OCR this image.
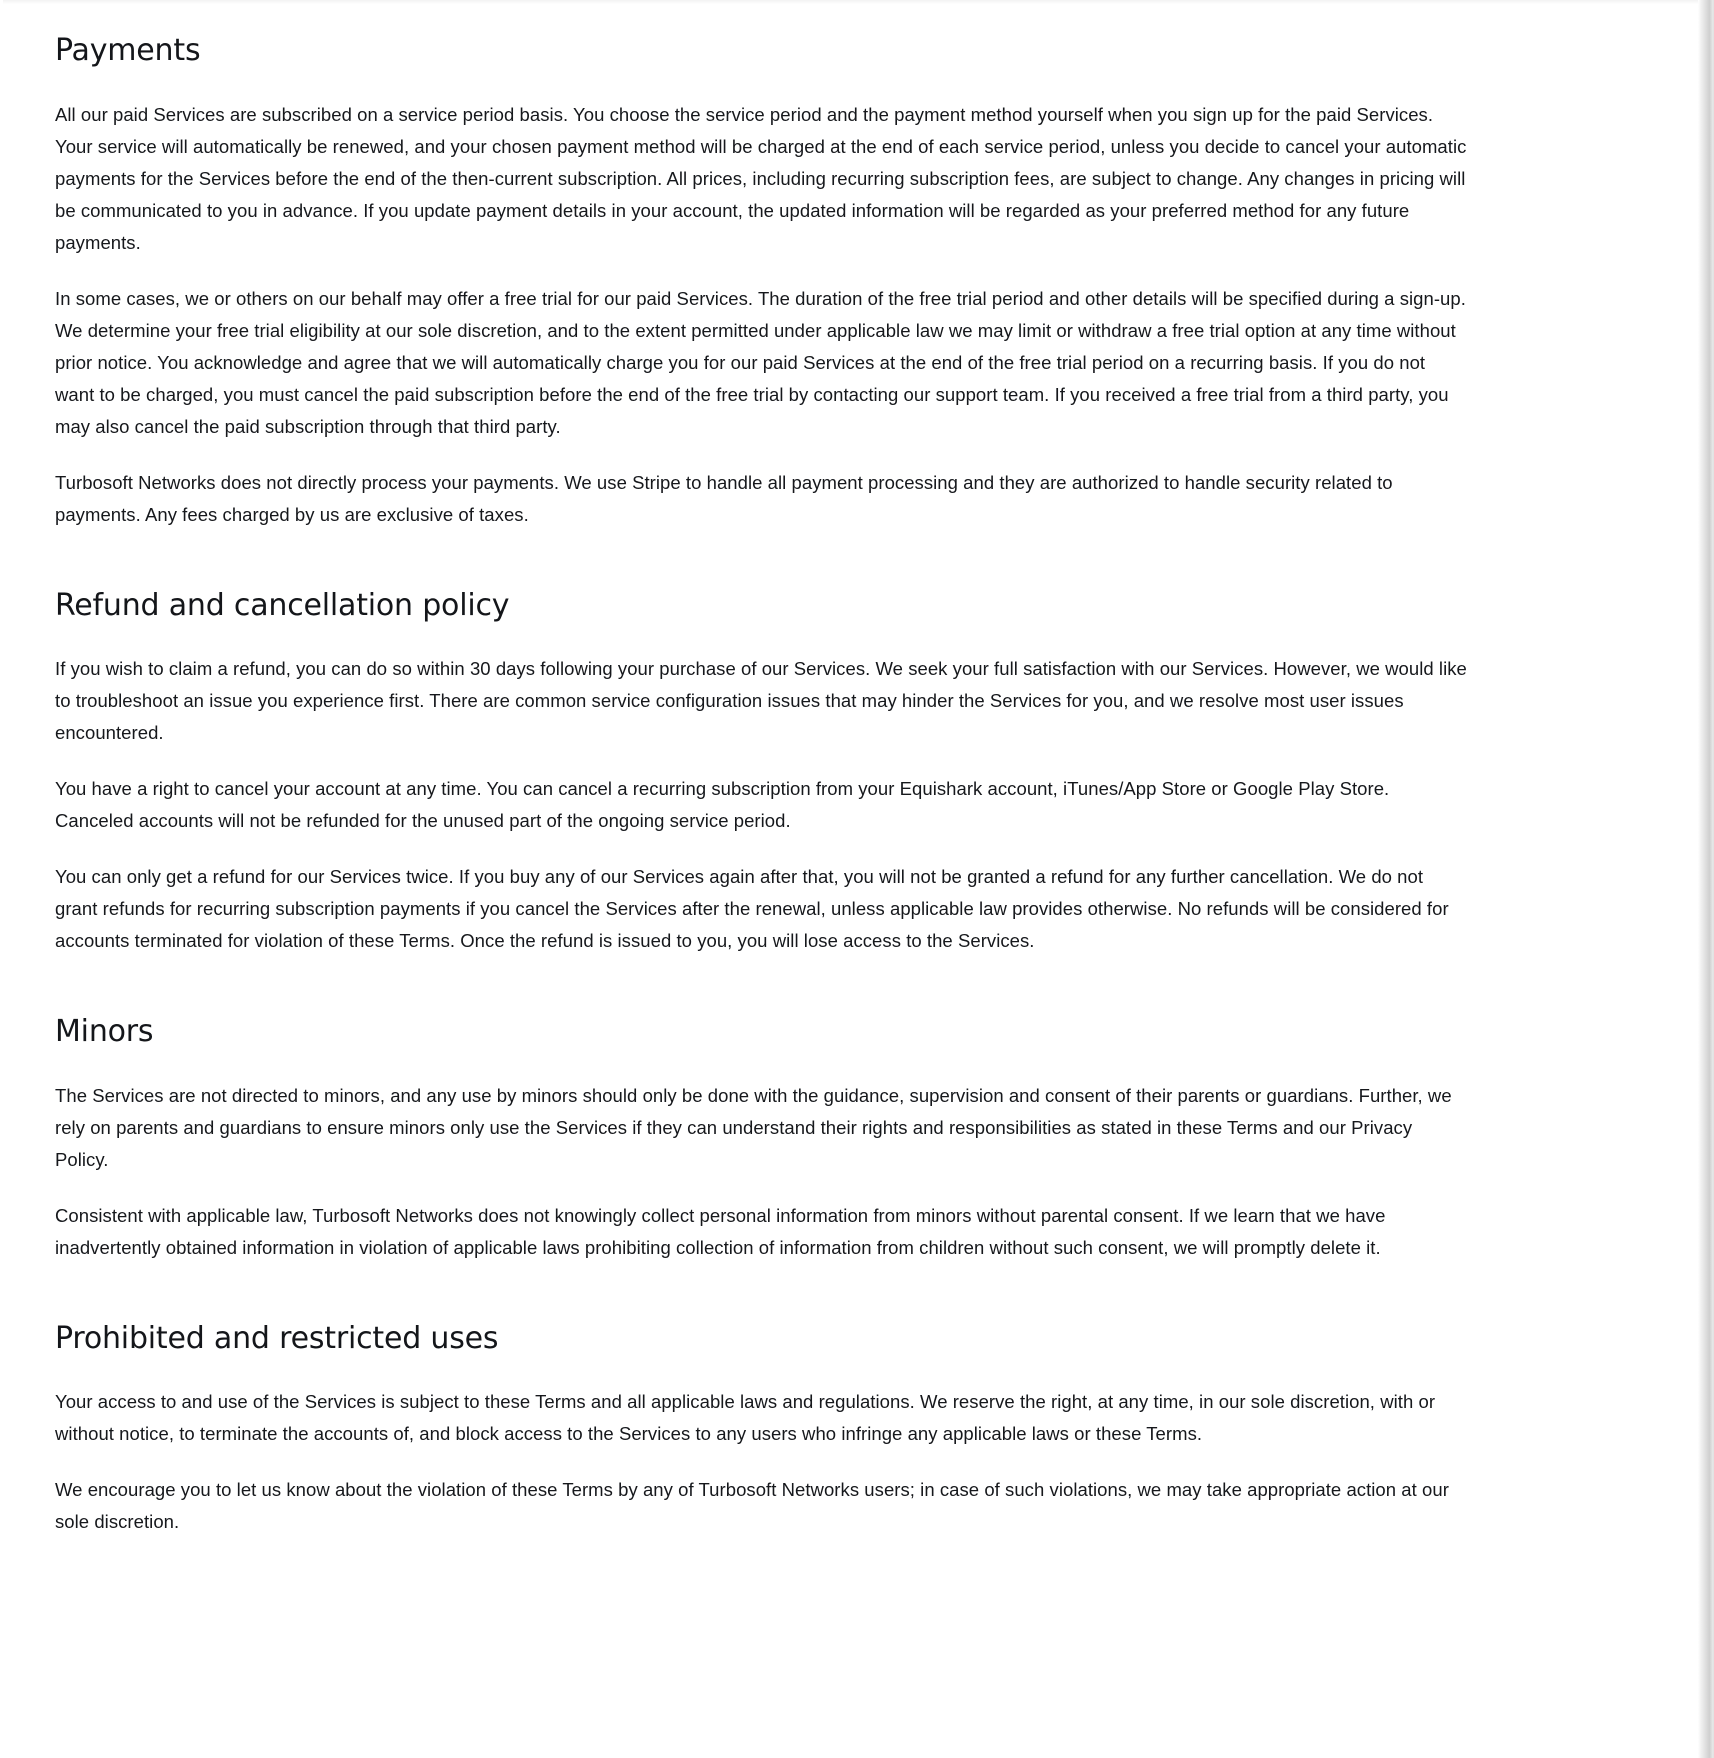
Payments

All our paid Services are subscribed on a service period basis. You choose the service period and the payment method yourself when you sign up for the paid Services. Your service will automatically be renewed, and your chosen payment method will be charged at the end of each service period, unless you decide to cancel your automatic payments for the Services before the end of the then-current subscription. All prices, including recurring subscription fees, are subject to change. Any changes in pricing will be communicated to you in advance. If you update payment details in your account, the updated information will be regarded as your preferred method for any future payments.

In some cases, we or others on our behalf may offer a free trial for our paid Services. The duration of the free trial period and other details will be specified during a sign-up. We determine your free trial eligibility at our sole discretion, and to the extent permitted under applicable law we may limit or withdraw a free trial option at any time without prior notice. You acknowledge and agree that we will automatically charge you for our paid Services at the end of the free trial period on a recurring basis. If you do not want to be charged, you must cancel the paid subscription before the end of the free trial by contacting our support team. If you received a free trial from a third party, you may also cancel the paid subscription through that third party.

Turbosoft Networks does not directly process your payments. We use Stripe to handle all payment processing and they are authorized to handle security related to payments. Any fees charged by us are exclusive of taxes.

Refund and cancellation policy

If you wish to claim a refund, you can do so within 30 days following your purchase of our Services. We seek your full satisfaction with our Services. However, we would like to troubleshoot an issue you experience first. There are common service configuration issues that may hinder the Services for you, and we resolve most user issues encountered.

You have a right to cancel your account at any time. You can cancel a recurring subscription from your Equishark account, iTunes/App Store or Google Play Store. Canceled accounts will not be refunded for the unused part of the ongoing service period.

You can only get a refund for our Services twice. If you buy any of our Services again after that, you will not be granted a refund for any further cancellation. We do not grant refunds for recurring subscription payments if you cancel the Services after the renewal, unless applicable law provides otherwise. No refunds will be considered for accounts terminated for violation of these Terms. Once the refund is issued to you, you will lose access to the Services.

Minors

The Services are not directed to minors, and any use by minors should only be done with the guidance, supervision and consent of their parents or guardians. Further, we rely on parents and guardians to ensure minors only use the Services if they can understand their rights and responsibilities as stated in these Terms and our Privacy Policy.

Consistent with applicable law, Turbosoft Networks does not knowingly collect personal information from minors without parental consent. If we learn that we have inadvertently obtained information in violation of applicable laws prohibiting collection of information from children without such consent, we will promptly delete it.

Prohibited and restricted uses

Your access to and use of the Services is subject to these Terms and all applicable laws and regulations. We reserve the right, at any time, in our sole discretion, with or without notice, to terminate the accounts of, and block access to the Services to any users who infringe any applicable laws or these Terms.

We encourage you to let us know about the violation of these Terms by any of Turbosoft Networks users; in case of such violations, we may take appropriate action at our sole discretion.
